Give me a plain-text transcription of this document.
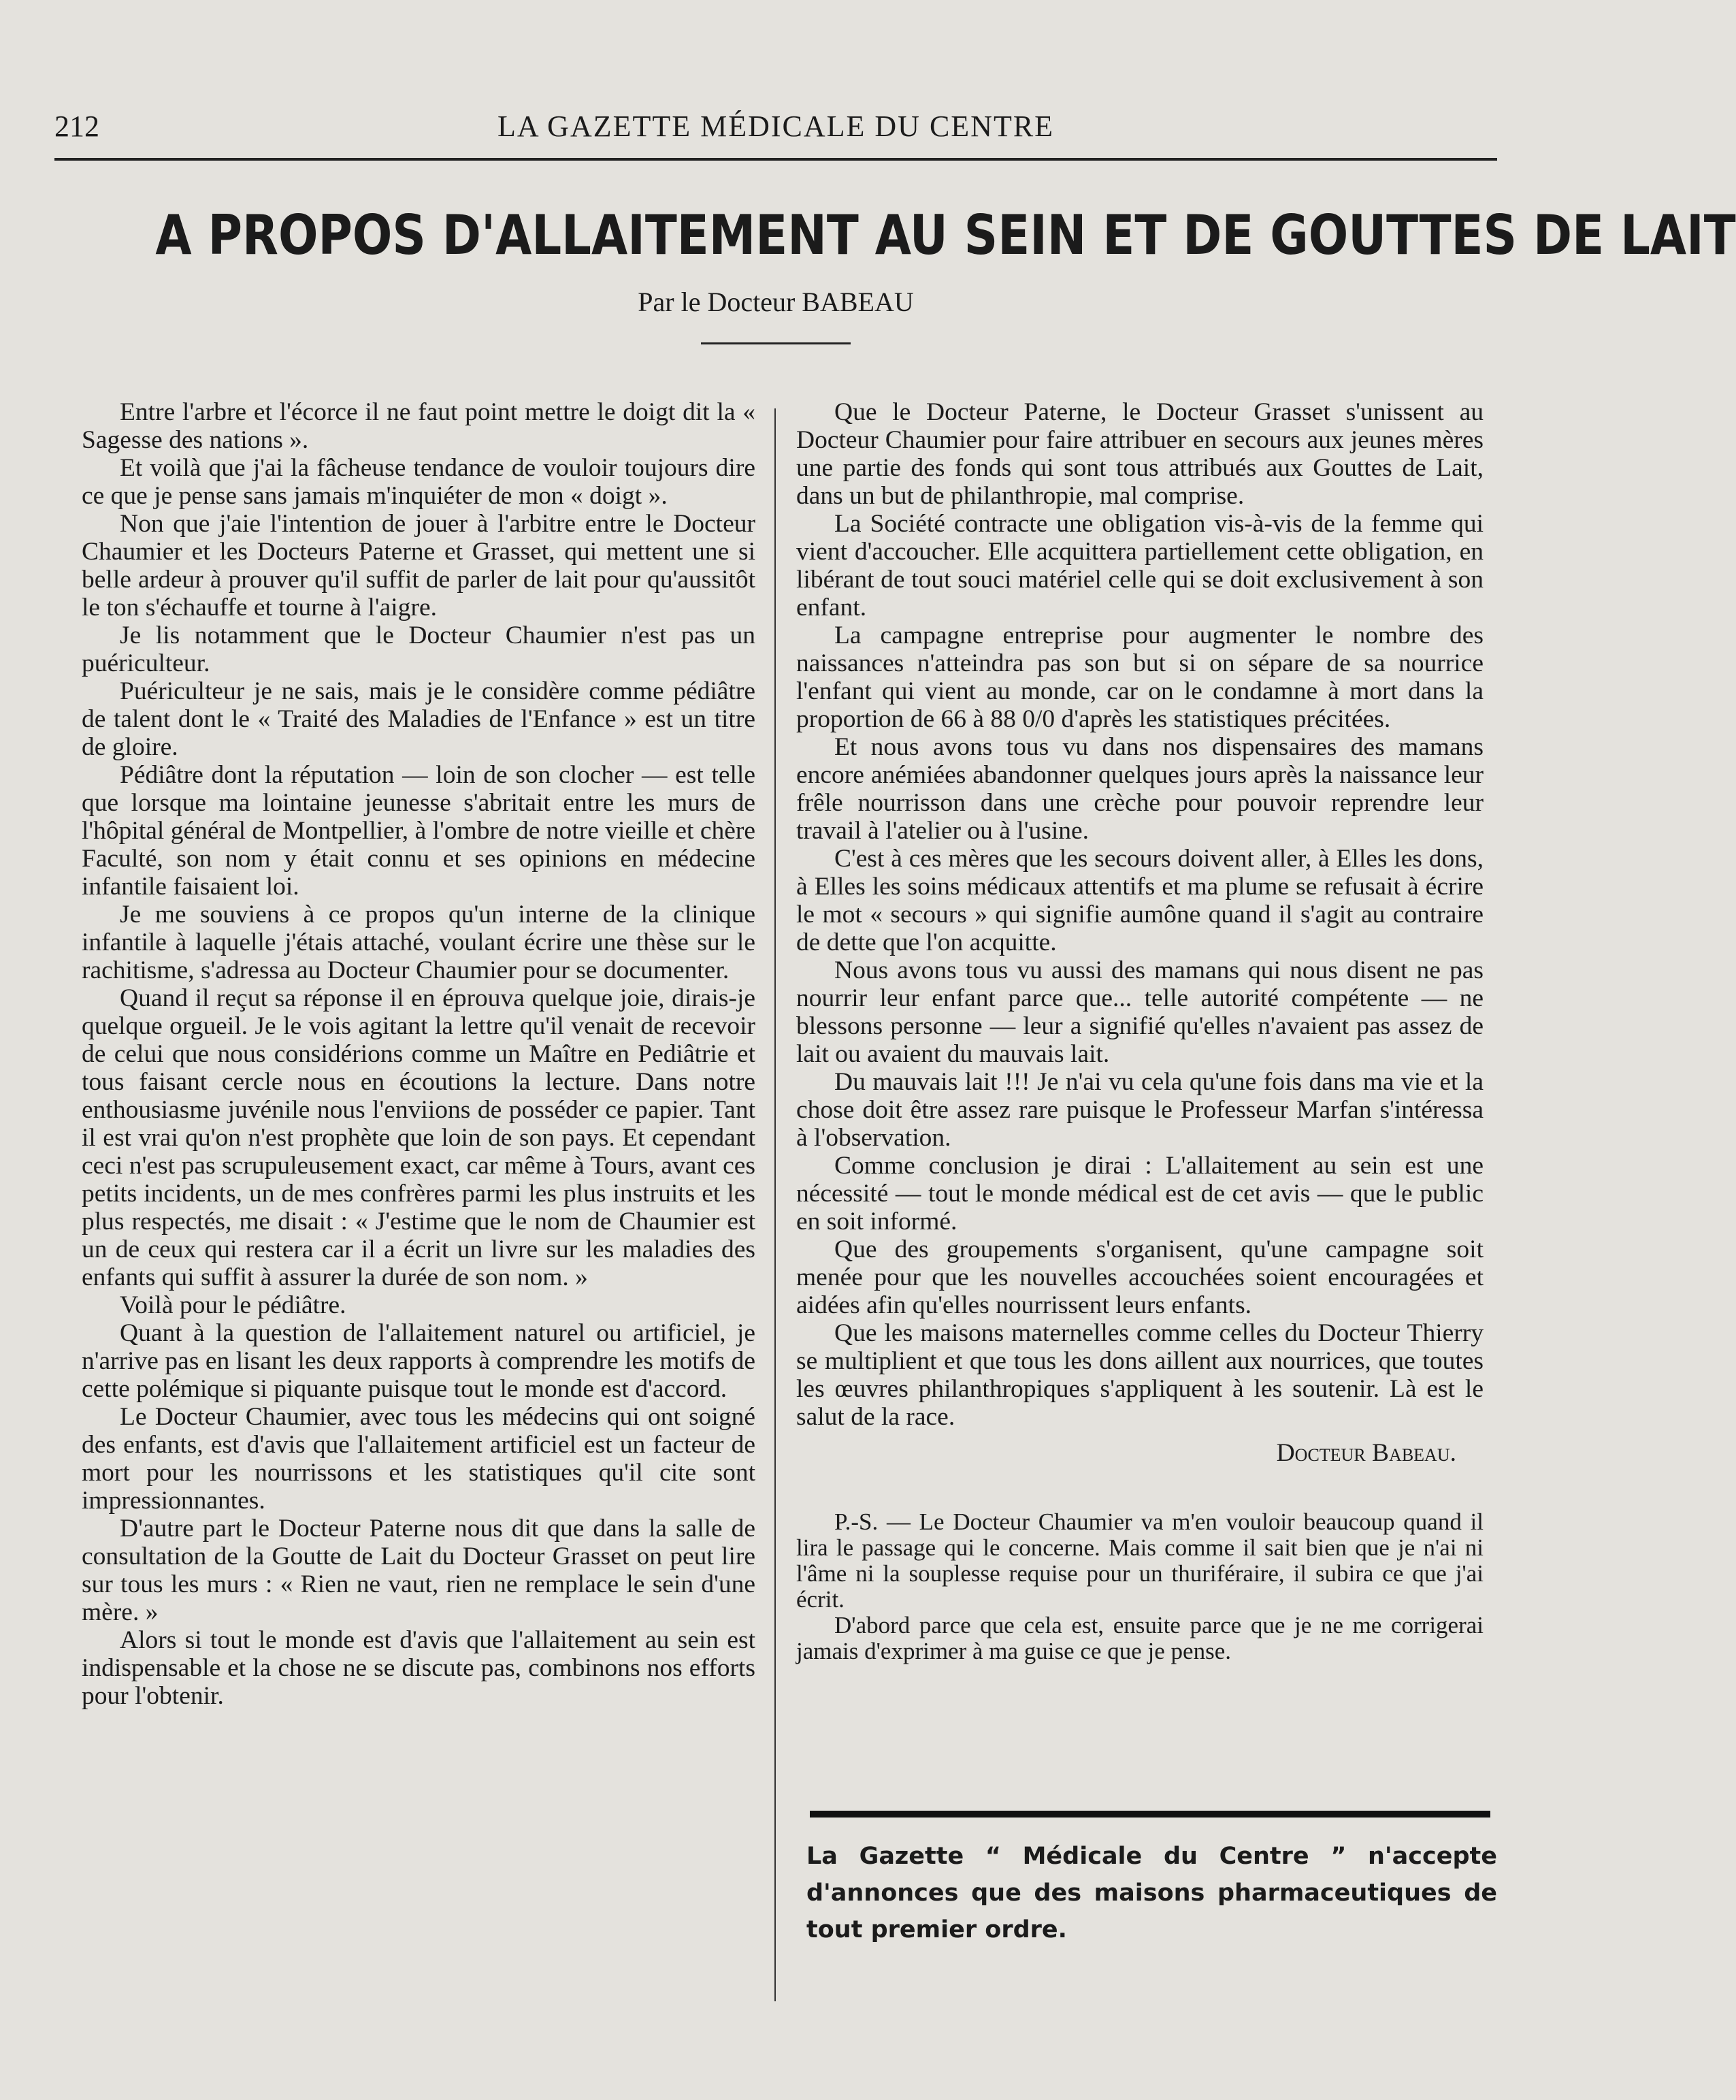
212	LA GAZETTE MÉDICALE DU CENTRE
A PROPOS D'ALLAITEMENT AU SEIN ET DE GOUTTES DE LAIT
Par le Docteur BABEAU

Entre l'arbre et l'écorce il ne faut point mettre le doigt dit la « Sagesse des nations ».

Et voilà que j'ai la fâcheuse tendance de vouloir toujours dire ce que je pense sans jamais m'inquiéter de mon « doigt ».

Non que j'aie l'intention de jouer à l'arbitre entre le Docteur Chaumier et les Docteurs Paterne et Grasset, qui mettent une si belle ardeur à prouver qu'il suffit de parler de lait pour qu'aussitôt le ton s'échauffe et tourne à l'aigre.

Je lis notamment que le Docteur Chaumier n'est pas un puériculteur.

Puériculteur je ne sais, mais je le considère comme pédiâtre de talent dont le « Traité des Maladies de l'Enfance » est un titre de gloire.

Pédiâtre dont la réputation — loin de son clocher — est telle que lorsque ma lointaine jeunesse s'abritait entre les murs de l'hôpital général de Montpellier, à l'ombre de notre vieille et chère Faculté, son nom y était connu et ses opinions en médecine infantile faisaient loi.

Je me souviens à ce propos qu'un interne de la clinique infantile à laquelle j'étais attaché, voulant écrire une thèse sur le rachitisme, s'adressa au Docteur Chaumier pour se documenter.

Quand il reçut sa réponse il en éprouva quelque joie, dirais-je quelque orgueil. Je le vois agitant la lettre qu'il venait de recevoir de celui que nous considérions comme un Maître en Pediâtrie et tous faisant cercle nous en écoutions la lecture. Dans notre enthousiasme juvénile nous l'enviions de posséder ce papier. Tant il est vrai qu'on n'est prophète que loin de son pays. Et cependant ceci n'est pas scrupuleusement exact, car même à Tours, avant ces petits incidents, un de mes confrères parmi les plus instruits et les plus respectés, me disait : « J'estime que le nom de Chaumier est un de ceux qui restera car il a écrit un livre sur les maladies des enfants qui suffit à assurer la durée de son nom. »

Voilà pour le pédiâtre.

Quant à la question de l'allaitement naturel ou artificiel, je n'arrive pas en lisant les deux rapports à comprendre les motifs de cette polémique si piquante puisque tout le monde est d'accord.

Le Docteur Chaumier, avec tous les médecins qui ont soigné des enfants, est d'avis que l'allaitement artificiel est un facteur de mort pour les nourrissons et les statistiques qu'il cite sont impressionnantes.

D'autre part le Docteur Paterne nous dit que dans la salle de consultation de la Goutte de Lait du Docteur Grasset on peut lire sur tous les murs : « Rien ne vaut, rien ne remplace le sein d'une mère. »

Alors si tout le monde est d'avis que l'allaitement au sein est indispensable et la chose ne se discute pas, combinons nos efforts pour l'obtenir.

Que le Docteur Paterne, le Docteur Grasset s'unissent au Docteur Chaumier pour faire attribuer en secours aux jeunes mères une partie des fonds qui sont tous attribués aux Gouttes de Lait, dans un but de philanthropie, mal comprise.

La Société contracte une obligation vis-à-vis de la femme qui vient d'accoucher. Elle acquittera partiellement cette obligation, en libérant de tout souci matériel celle qui se doit exclusivement à son enfant.

La campagne entreprise pour augmenter le nombre des naissances n'atteindra pas son but si on sépare de sa nourrice l'enfant qui vient au monde, car on le condamne à mort dans la proportion de 66 à 88 0/0 d'après les statistiques précitées.

Et nous avons tous vu dans nos dispensaires des mamans encore anémiées abandonner quelques jours après la naissance leur frêle nourrisson dans une crèche pour pouvoir reprendre leur travail à l'atelier ou à l'usine.

C'est à ces mères que les secours doivent aller, à Elles les dons, à Elles les soins médicaux attentifs et ma plume se refusait à écrire le mot « secours » qui signifie aumône quand il s'agit au contraire de dette que l'on acquitte.

Nous avons tous vu aussi des mamans qui nous disent ne pas nourrir leur enfant parce que... telle autorité compétente — ne blessons personne — leur a signifié qu'elles n'avaient pas assez de lait ou avaient du mauvais lait.

Du mauvais lait !!! Je n'ai vu cela qu'une fois dans ma vie et la chose doit être assez rare puisque le Professeur Marfan s'intéressa à l'observation.

Comme conclusion je dirai : L'allaitement au sein est une nécessité — tout le monde médical est de cet avis — que le public en soit informé.

Que des groupements s'organisent, qu'une campagne soit menée pour que les nouvelles accouchées soient encouragées et aidées afin qu'elles nourrissent leurs enfants.

Que les maisons maternelles comme celles du Docteur Thierry se multiplient et que tous les dons aillent aux nourrices, que toutes les œuvres philanthropiques s'appliquent à les soutenir. Là est le salut de la race.

Docteur Babeau.

P.-S. — Le Docteur Chaumier va m'en vouloir beaucoup quand il lira le passage qui le concerne. Mais comme il sait bien que je n'ai ni l'âme ni la souplesse requise pour un thuriféraire, il subira ce que j'ai écrit.

D'abord parce que cela est, ensuite parce que je ne me corrigerai jamais d'exprimer à ma guise ce que je pense.

La Gazette “ Médicale du Centre ” n'accepte d'annonces que des maisons pharmaceutiques de tout premier ordre.
